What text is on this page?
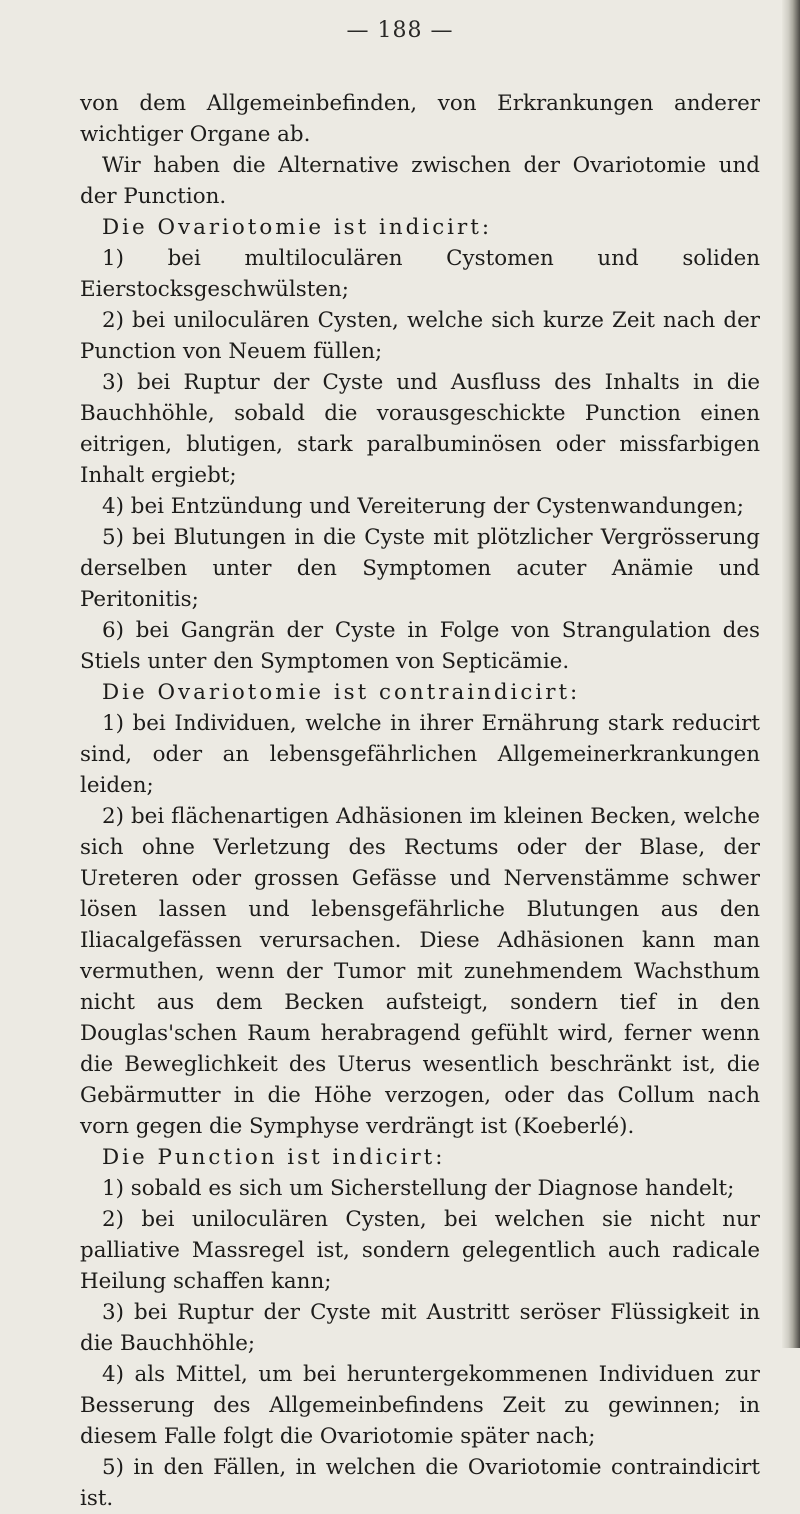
— 188 —

von dem Allgemeinbefinden, von Erkrankungen anderer wichtiger Organe ab.

Wir haben die Alternative zwischen der Ovariotomie und der Punction.

Die Ovariotomie ist indicirt:

1) bei multiloculären Cystomen und soliden Eierstocksgeschwülsten;

2) bei uniloculären Cysten, welche sich kurze Zeit nach der Punction von Neuem füllen;

3) bei Ruptur der Cyste und Ausfluss des Inhalts in die Bauchhöhle, sobald die vorausgeschickte Punction einen eitrigen, blutigen, stark paralbuminösen oder missfarbigen Inhalt ergiebt;

4) bei Entzündung und Vereiterung der Cystenwandungen;

5) bei Blutungen in die Cyste mit plötzlicher Vergrösserung derselben unter den Symptomen acuter Anämie und Peritonitis;

6) bei Gangrän der Cyste in Folge von Strangulation des Stiels unter den Symptomen von Septicämie.

Die Ovariotomie ist contraindicirt:

1) bei Individuen, welche in ihrer Ernährung stark reducirt sind, oder an lebensgefährlichen Allgemeinerkrankungen leiden;

2) bei flächenartigen Adhäsionen im kleinen Becken, welche sich ohne Verletzung des Rectums oder der Blase, der Ureteren oder grossen Gefässe und Nervenstämme schwer lösen lassen und lebensgefährliche Blutungen aus den Iliacalgefässen verursachen. Diese Adhäsionen kann man vermuthen, wenn der Tumor mit zunehmendem Wachsthum nicht aus dem Becken aufsteigt, sondern tief in den Douglas'schen Raum herabragend gefühlt wird, ferner wenn die Beweglichkeit des Uterus wesentlich beschränkt ist, die Gebärmutter in die Höhe verzogen, oder das Collum nach vorn gegen die Symphyse verdrängt ist (Koeberlé).

Die Punction ist indicirt:

1) sobald es sich um Sicherstellung der Diagnose handelt;

2) bei uniloculären Cysten, bei welchen sie nicht nur palliative Massregel ist, sondern gelegentlich auch radicale Heilung schaffen kann;

3) bei Ruptur der Cyste mit Austritt seröser Flüssigkeit in die Bauchhöhle;

4) als Mittel, um bei heruntergekommenen Individuen zur Besserung des Allgemeinbefindens Zeit zu gewinnen; in diesem Falle folgt die Ovariotomie später nach;

5) in den Fällen, in welchen die Ovariotomie contraindicirt ist.
